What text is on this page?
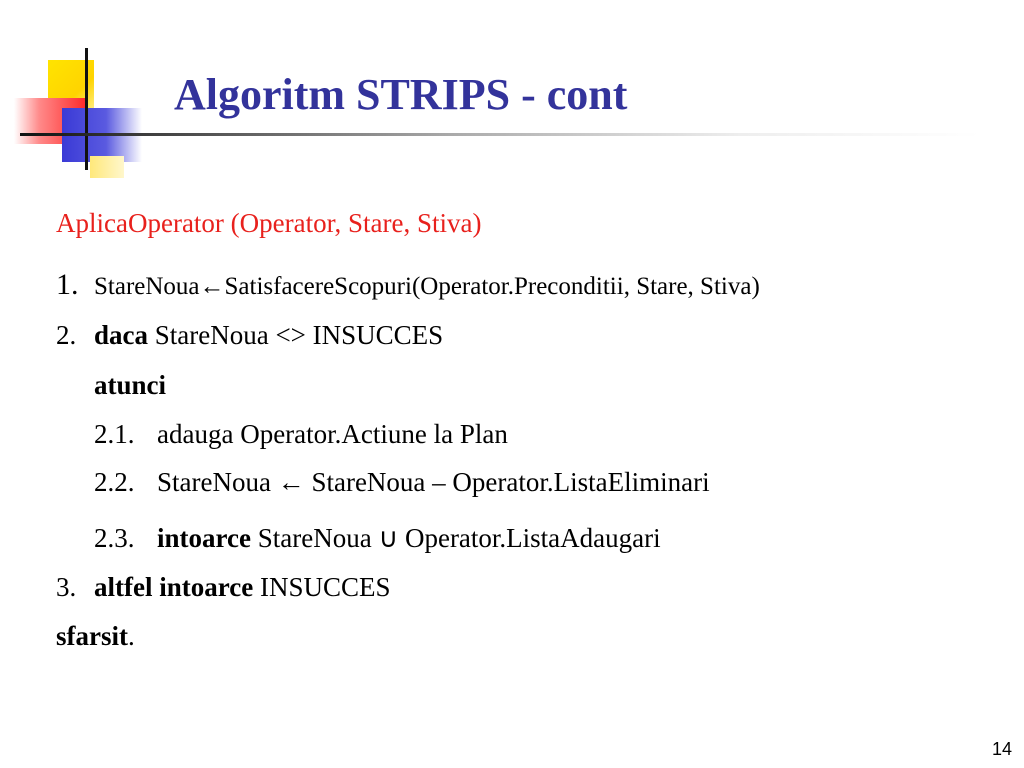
Algoritm STRIPS - cont
AplicaOperator (Operator, Stare, Stiva)
1. StareNoua←SatisfacereScopuri(Operator.Preconditii, Stare, Stiva)
2. daca StareNoua <> INSUCCES
atunci
2.1. adauga Operator.Actiune la Plan
2.2. StareNoua ← StareNoua – Operator.ListaEliminari
2.3. intoarce StareNoua ∪ Operator.ListaAdaugari
3. altfel intoarce INSUCCES
sfarsit.
14
